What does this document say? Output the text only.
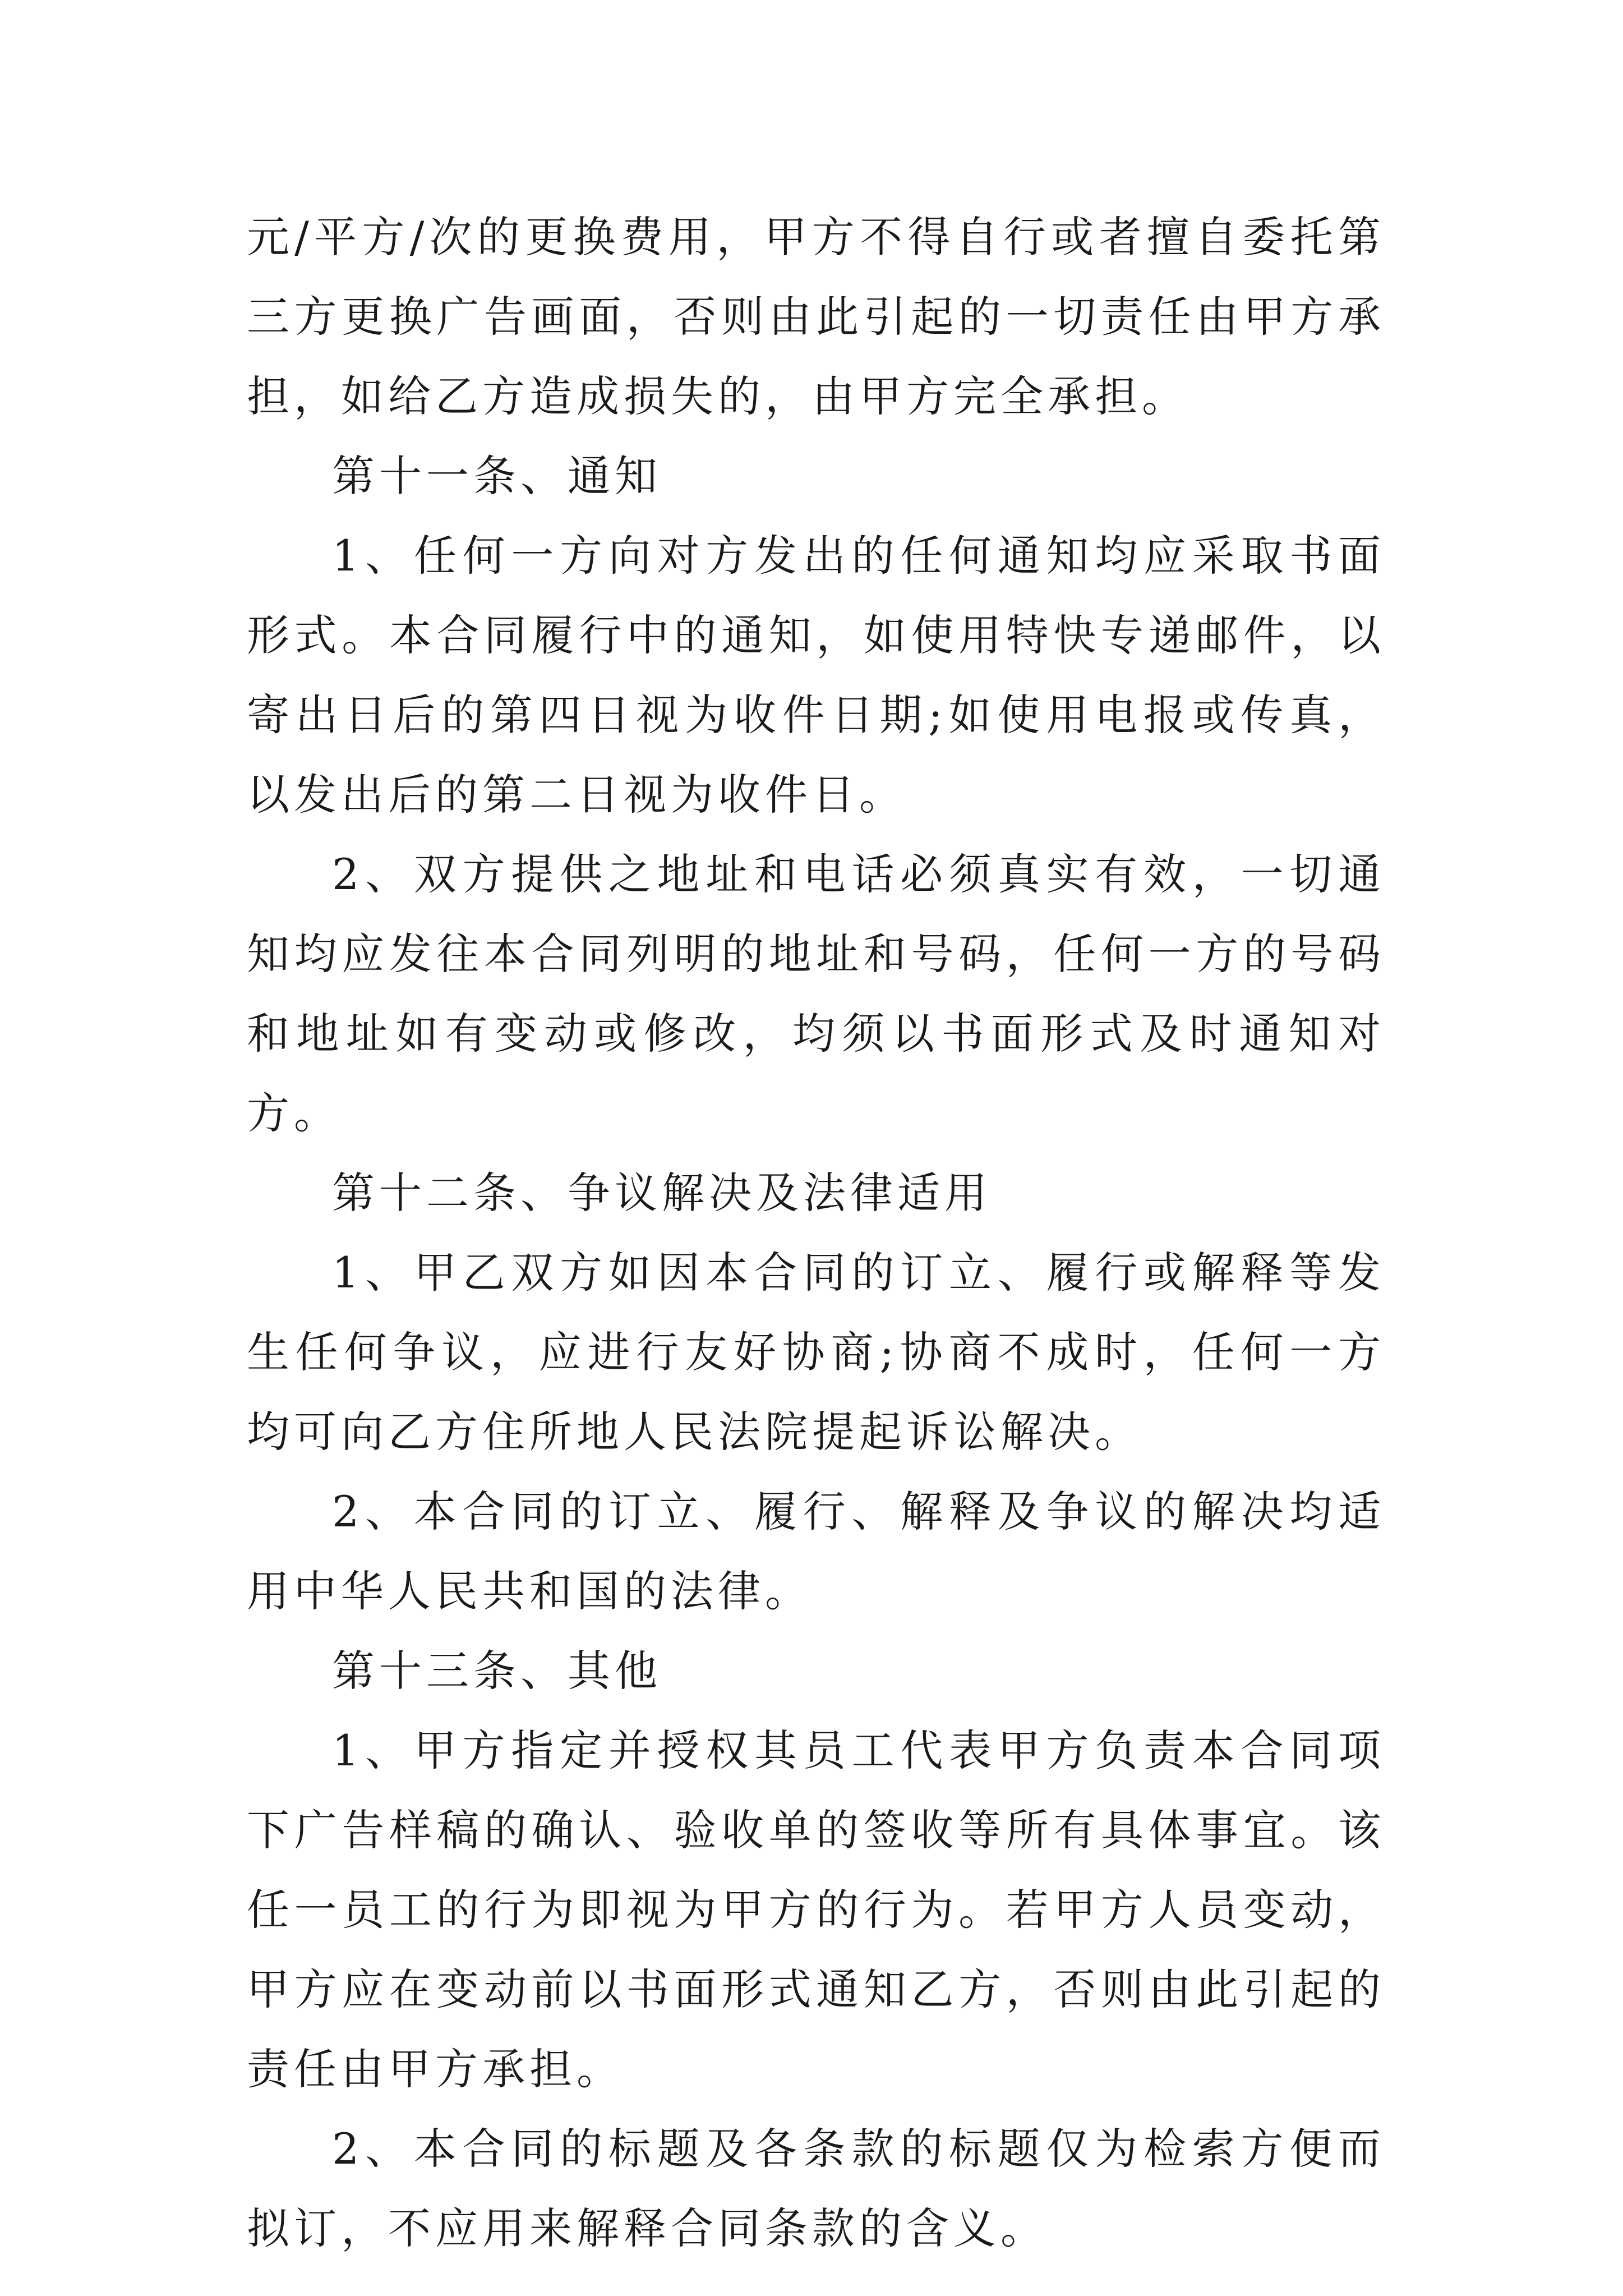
元/平方/次的更换费用，甲方不得自行或者擅自委托第三方更换广告画面，否则由此引起的一切责任由甲方承担，如给乙方造成损失的，由甲方完全承担。

第十一条、通知

1、任何一方向对方发出的任何通知均应采取书面形式。本合同履行中的通知，如使用特快专递邮件，以寄出日后的第四日视为收件日期;如使用电报或传真，以发出后的第二日视为收件日。

2、双方提供之地址和电话必须真实有效，一切通知均应发往本合同列明的地址和号码，任何一方的号码和地址如有变动或修改，均须以书面形式及时通知对方。

第十二条、争议解决及法律适用

1、甲乙双方如因本合同的订立、履行或解释等发生任何争议，应进行友好协商;协商不成时，任何一方均可向乙方住所地人民法院提起诉讼解决。

2、本合同的订立、履行、解释及争议的解决均适用中华人民共和国的法律。

第十三条、其他

1、甲方指定并授权其员工代表甲方负责本合同项下广告样稿的确认、验收单的签收等所有具体事宜。该任一员工的行为即视为甲方的行为。若甲方人员变动，甲方应在变动前以书面形式通知乙方，否则由此引起的责任由甲方承担。

2、本合同的标题及各条款的标题仅为检索方便而拟订，不应用来解释合同条款的含义。
